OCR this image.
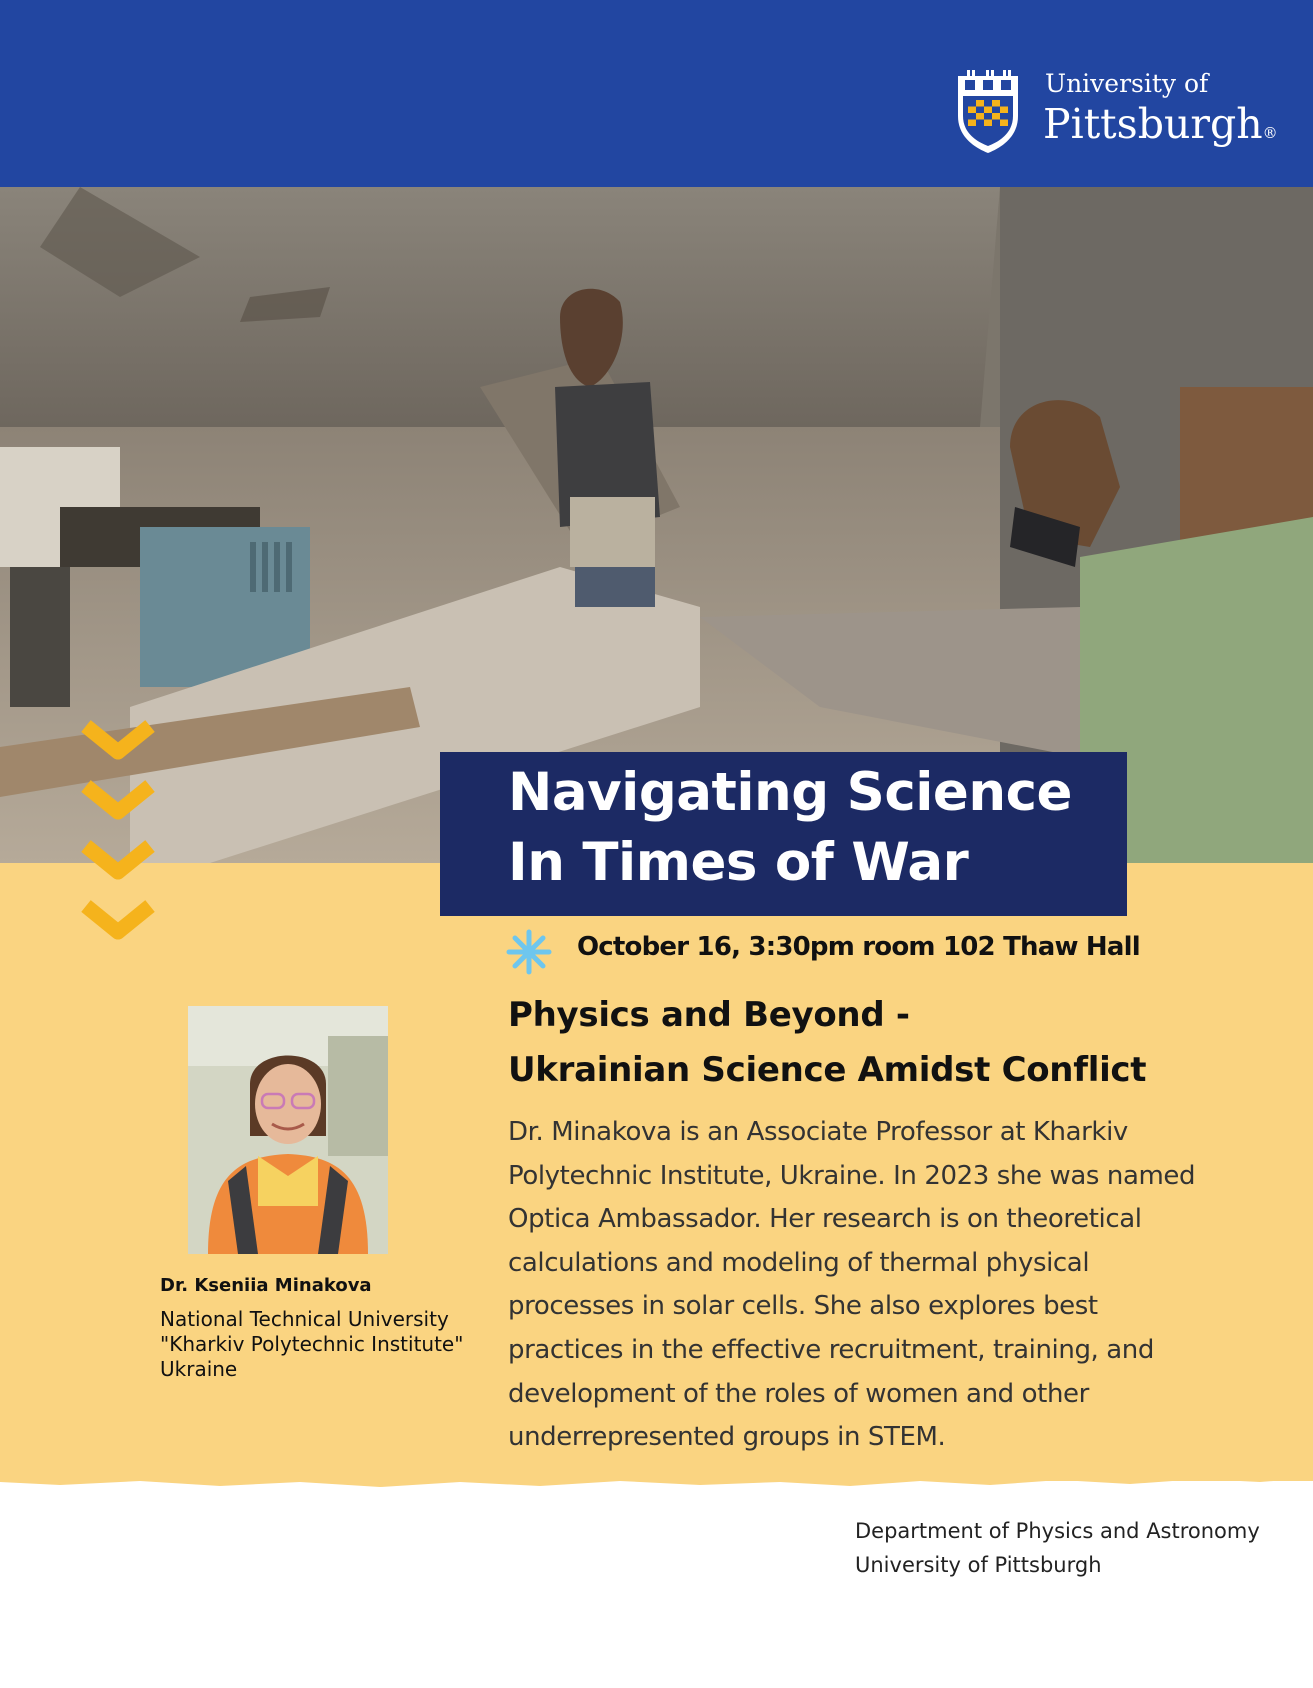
University of
Pittsburgh®
Navigating Science
In Times of War
October 16, 3:30pm room 102 Thaw Hall
Physics and Beyond -
Ukrainian Science Amidst Conflict
Dr. Minakova is an Associate Professor at Kharkiv
Polytechnic Institute, Ukraine. In 2023 she was named
Optica Ambassador. Her research is on theoretical
calculations and modeling of thermal physical
processes in solar cells. She also explores best
practices in the effective recruitment, training, and
development of the roles of women and other
underrepresented groups in STEM.
Dr. Kseniia Minakova
National Technical University
"Kharkiv Polytechnic Institute"
Ukraine
Department of Physics and Astronomy
University of Pittsburgh
